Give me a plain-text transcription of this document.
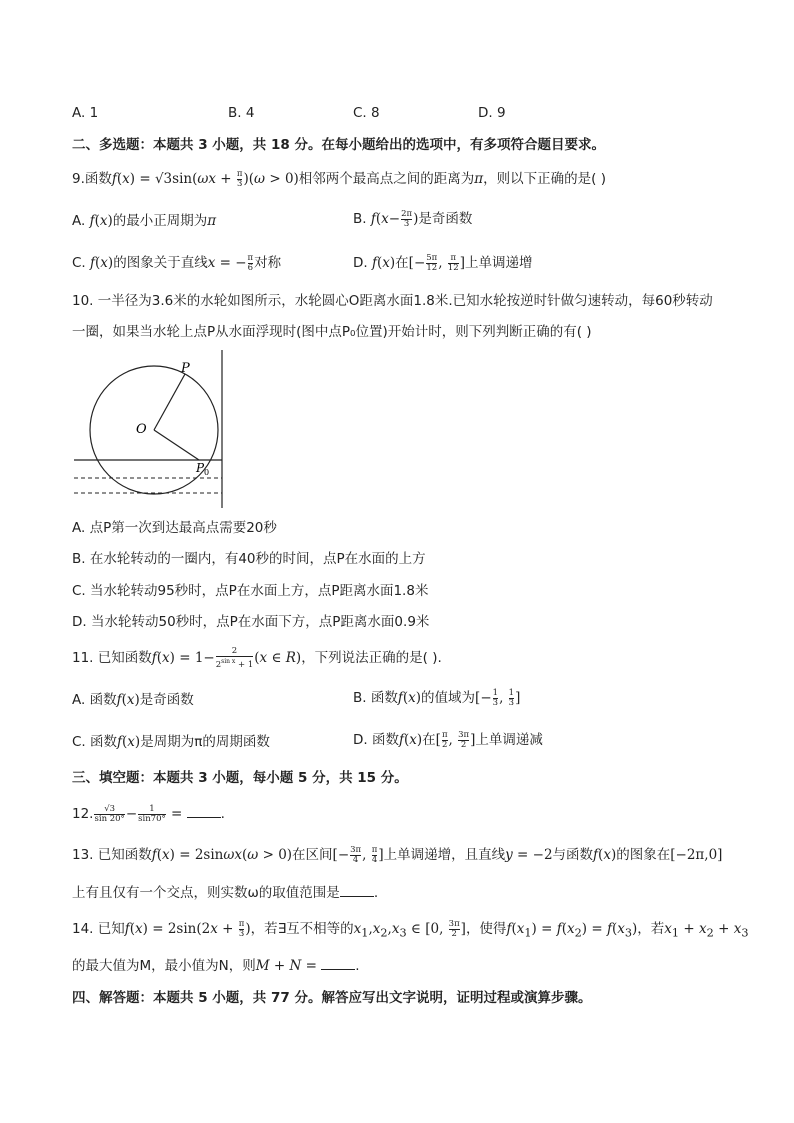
A. 1	B. 4	C. 8	D. 9
二、多选题：本题共 3 小题，共 18 分。在每小题给出的选项中，有多项符合题目要求。
9.函数$f(x) = √3\sin(\omega x + \frac{\pi}{3} )(\omega > 0)$相邻两个最高点之间的距离为π，则以下正确的是( )
A. f(x)的最小正周期为π	B. $f(x- \frac{2\pi}{3}$ )是奇函数
C. f(x)的图象关于直线x = − $\frac{\pi}{6}$ 对称	D. f(x)在[− $\frac{5\pi}{12}$ , $\frac{\pi}{12}$ ]上单调递增
10. 一半径为3.6米的水轮如图所示，水轮圆心O距离水面1.8米.已知水轮按逆时针做匀速转动，每60秒转动
一圈，如果当水轮上点P从水面浮现时(图中点P₀位置)开始计时，则下列判断正确的有( )
O
P
P 0
A. 点P第一次到达最高点需要20秒
B. 在水轮转动的一圈内，有40秒的时间，点P在水面的上方
C. 当水轮转动95秒时，点P在水面上方，点P距离水面1.8米
D. 当水轮转动50秒时，点P在水面下方，点P距离水面0.9米
11. 已知函数$f(x) = 1- \frac{2}{2^{sin x} + 1} (x$ ∈ R)，下列说法正确的是( ).
A. 函数f(x)是奇函数	B. 函数f(x)的值域为[− $\frac{1}{3}$ , $\frac{1}{3}$ ]
C. 函数f(x)是周期为π的周期函数	D. 函数f(x)在[ $\frac{\pi}{2}$ , $\frac{3\pi}{2}$ ]上单调递减
三、填空题：本题共 3 小题，每小题 5 分，共 15 分。
12. $\frac{√3}{\sin 20^\circ} - \frac{1}{\sin 70^\circ}$ =	.
13. 已知函数f(x) = 2sinωx(ω > 0)在区间[− $\frac{3\pi}{4}$ , $\frac{\pi}{4}$ ]上单调递增，且直线y = −2与函数f(x)的图象在[−2π,0]
上有且仅有一个交点，则实数ω的取值范围是	.
14. 已知$f(x) = 2\sin(2x + \frac{\pi}{3}$ )，若∃互不相等的$x_1,x_2,x_3$ ∈ [0, $\frac{3\pi}{2}$ ]，使得$f(x_1) = f(x_2) = f(x_3)$，若$x_1 + x_2 + x_3$
的最大值为M，最小值为N，则M + N =	.
四、解答题：本题共 5 小题，共 77 分。解答应写出文字说明，证明过程或演算步骤。
